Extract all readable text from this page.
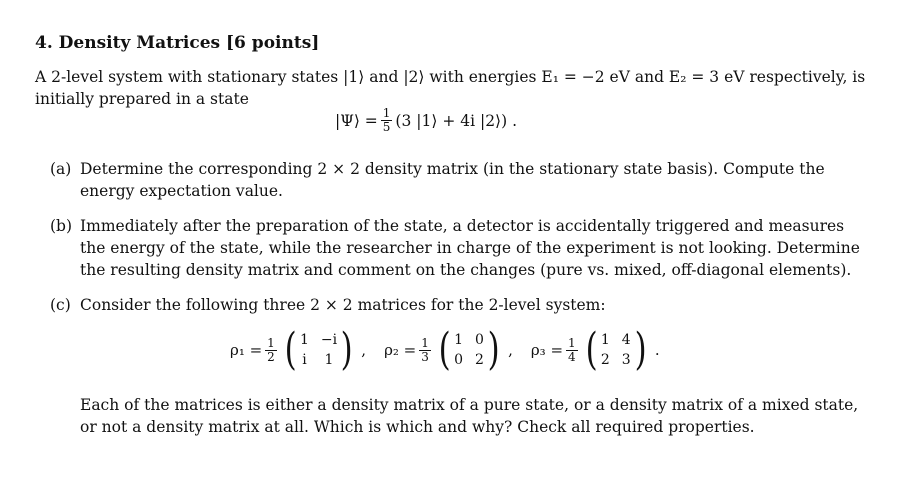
4. Density Matrices [6 points]
A 2-level system with stationary states |1⟩ and |2⟩ with energies E₁ = −2 eV and E₂ = 3 eV respectively, is initially prepared in a state
|Ψ⟩ = $\frac{1}{5} (3$ |1⟩ + 4i |2⟩) .
(a) Determine the corresponding 2 × 2 density matrix (in the stationary state basis). Compute the energy expectation value.
(b) Immediately after the preparation of the state, a detector is accidentally triggered and measures the energy of the state, while the researcher in charge of the experiment is not looking. Determine the resulting density matrix and comment on the changes (pure vs. mixed, off-diagonal elements).
(c) Consider the following three 2 × 2 matrices for the 2-level system:
$\rho_1 = \frac{1}{2}$ ( 1 −i
i 1 ) , $\rho_2 = \frac{1}{3}$ ( 1 0
0 2 ) , $\rho_3 = \frac{1}{4}$ ( 1 4
2 3 ) .
Each of the matrices is either a density matrix of a pure state, or a density matrix of a mixed state, or not a density matrix at all. Which is which and why? Check all required properties.
